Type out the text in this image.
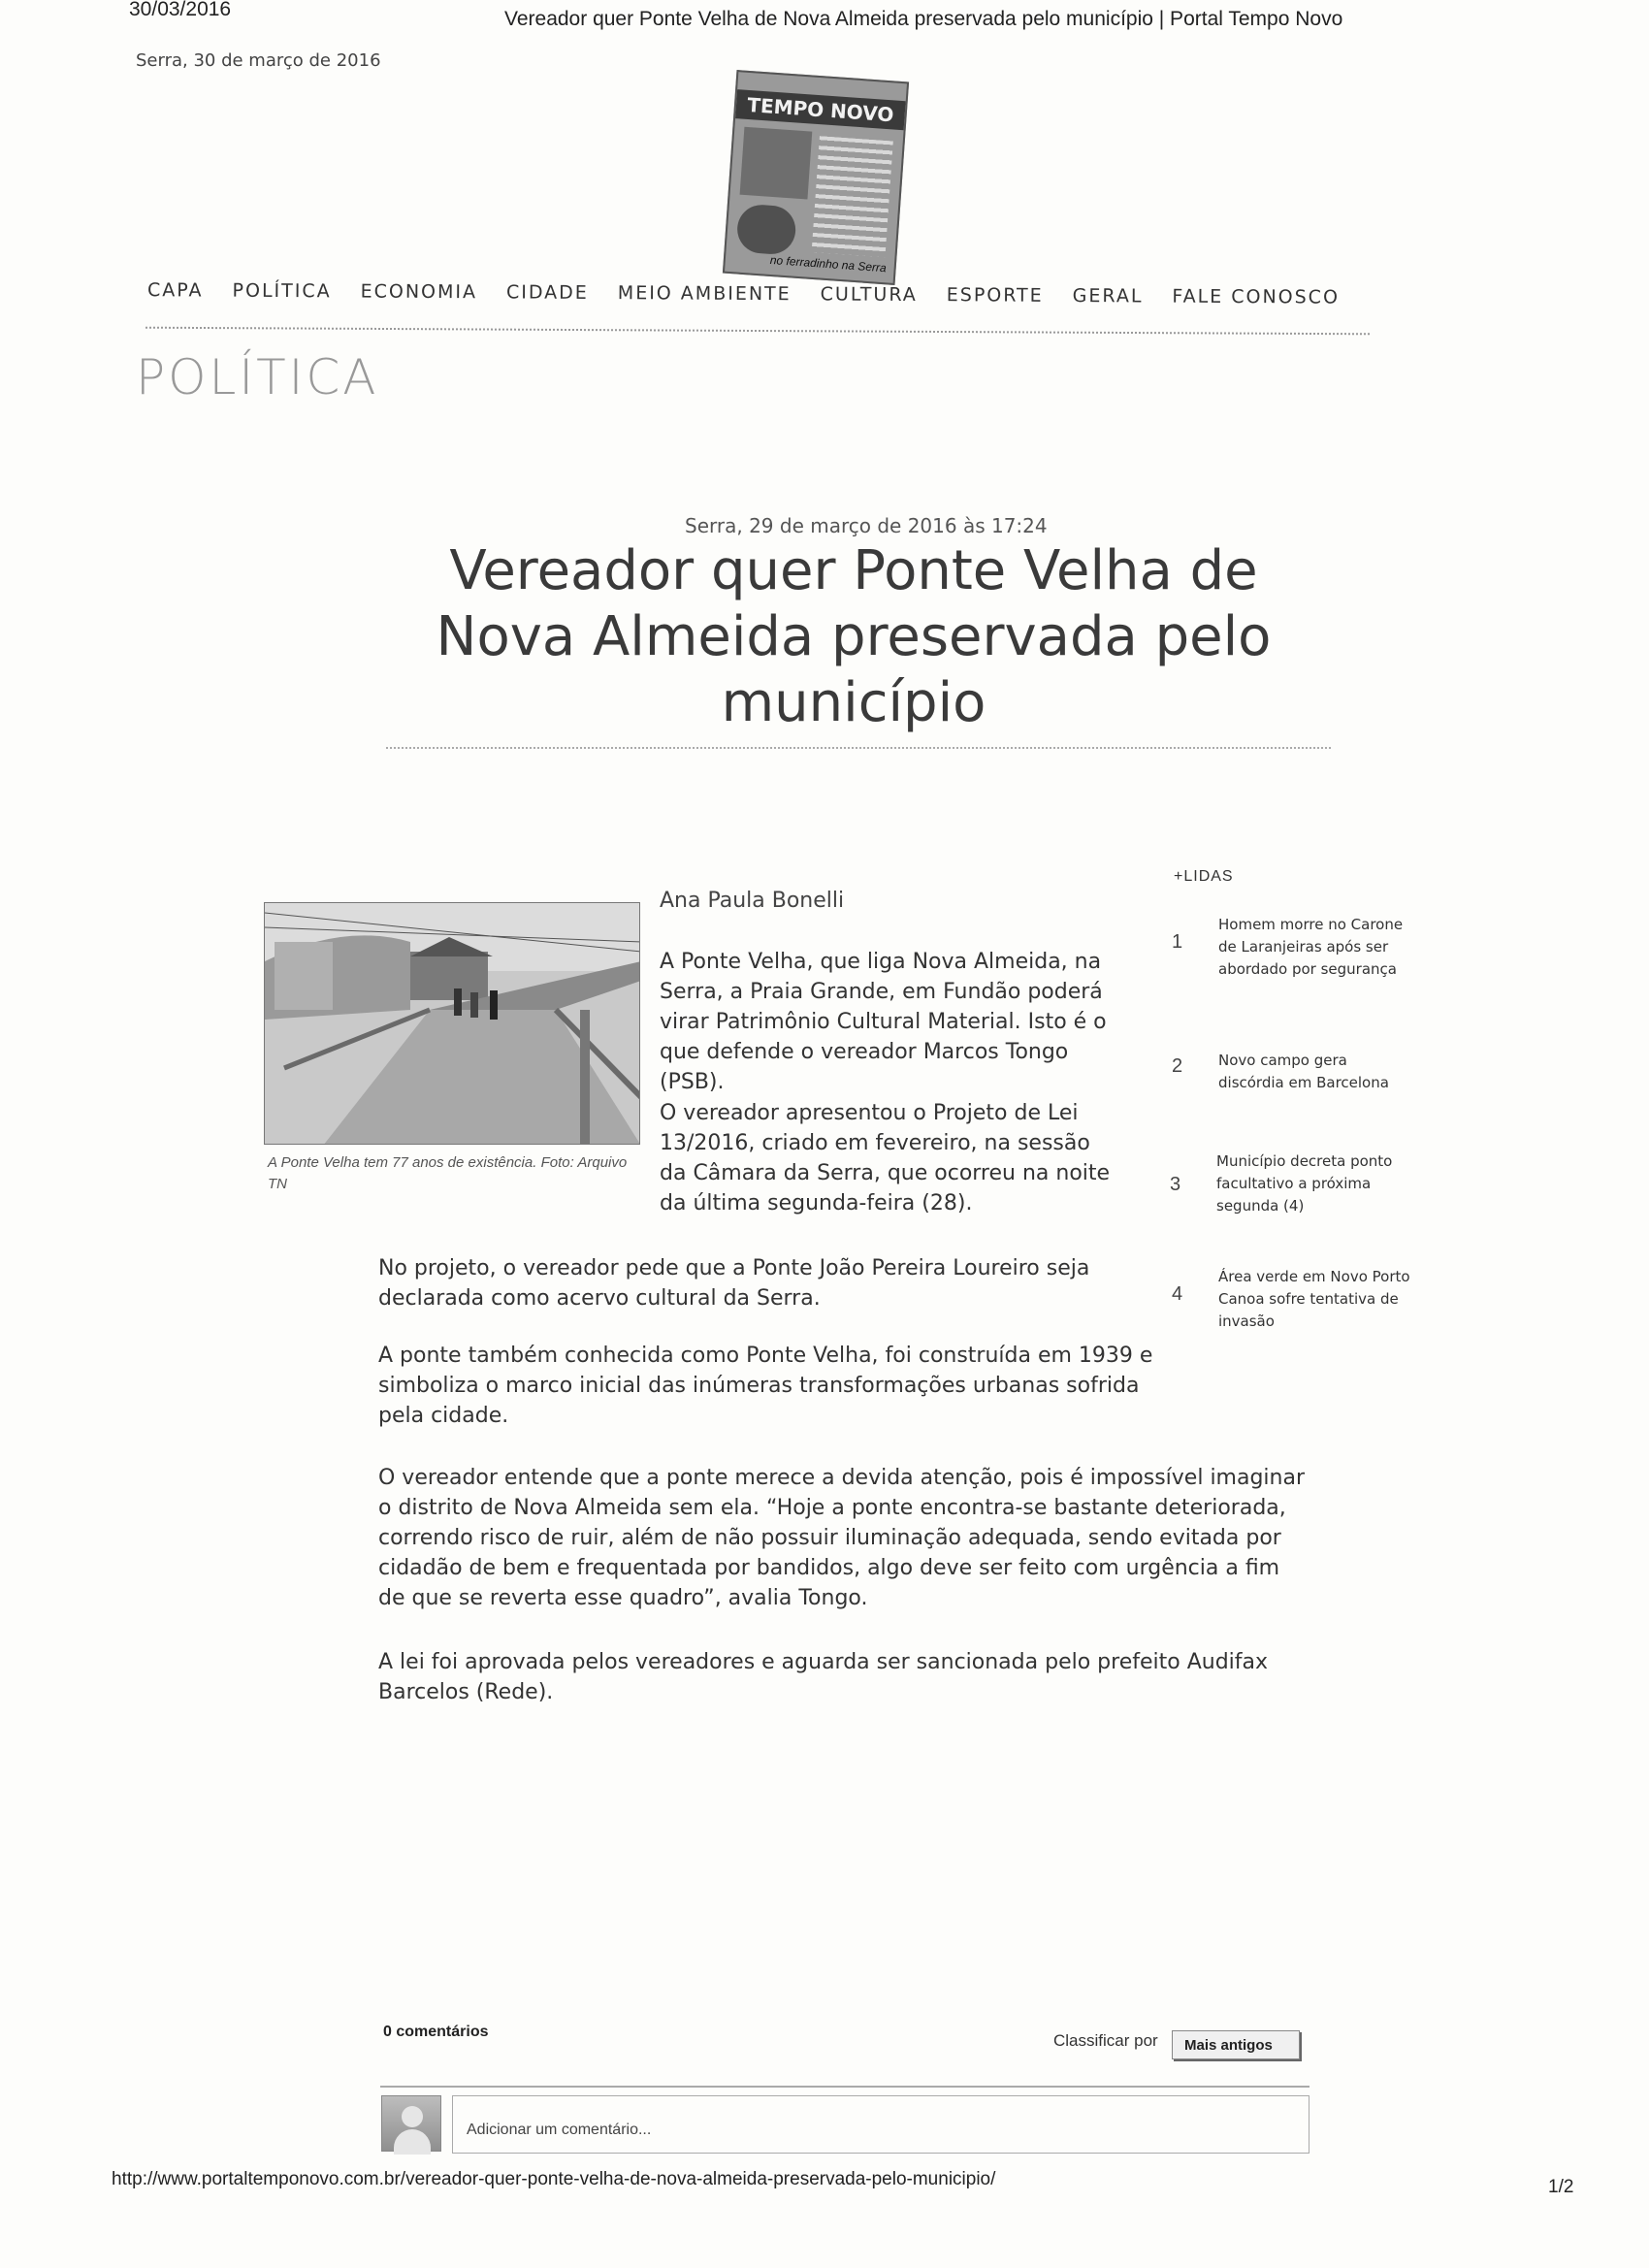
30/03/2016	Vereador quer Ponte Velha de Nova Almeida preservada pelo município | Portal Tempo Novo
Serra, 30 de março de 2016
TEMPO NOVO
no ferradinho na Serra
CAPA POLÍTICA ECONOMIA CIDADE MEIO AMBIENTE CULTURA ESPORTE GERAL FALE CONOSCO
POLÍTICA
Serra, 29 de março de 2016 às 17:24
Vereador quer Ponte Velha de Nova Almeida preservada pelo município
A Ponte Velha tem 77 anos de existência. Foto: Arquivo TN
Ana Paula Bonelli
A Ponte Velha, que liga Nova Almeida, na Serra, a Praia Grande, em Fundão poderá virar Patrimônio Cultural Material. Isto é o que defende o vereador Marcos Tongo (PSB).
O vereador apresentou o Projeto de Lei 13/2016, criado em fevereiro, na sessão da Câmara da Serra, que ocorreu na noite da última segunda-feira (28).
No projeto, o vereador pede que a Ponte João Pereira Loureiro seja declarada como acervo cultural da Serra.
A ponte também conhecida como Ponte Velha, foi construída em 1939 e simboliza o marco inicial das inúmeras transformações urbanas sofrida pela cidade.
O vereador entende que a ponte merece a devida atenção, pois é impossível imaginar o distrito de Nova Almeida sem ela. “Hoje a ponte encontra-se bastante deteriorada, correndo risco de ruir, além de não possuir iluminação adequada, sendo evitada por cidadão de bem e frequentada por bandidos, algo deve ser feito com urgência a fim de que se reverta esse quadro”, avalia Tongo.
A lei foi aprovada pelos vereadores e aguarda ser sancionada pelo prefeito Audifax Barcelos (Rede).
+LIDAS
1
Homem morre no Carone de Laranjeiras após ser abordado por segurança
2 Novo campo gera discórdia em Barcelona
3
Município decreta ponto facultativo a próxima segunda (4)
4
Área verde em Novo Porto Canoa sofre tentativa de invasão
0 comentários	Classificar por	Mais antigos
Adicionar um comentário...
http://www.portaltemponovo.com.br/vereador-quer-ponte-velha-de-nova-almeida-preservada-pelo-municipio/	1/2
